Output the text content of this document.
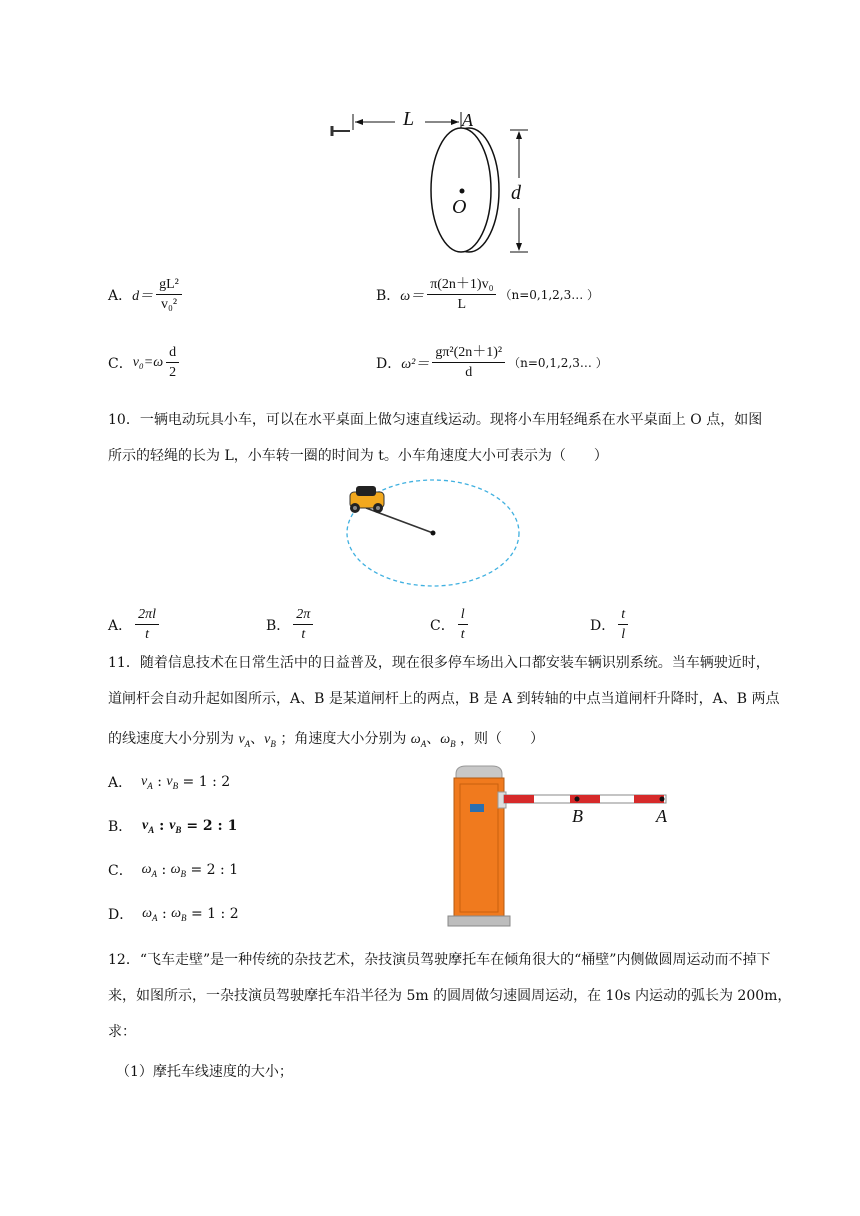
L	A
O
d
A． $d= \frac{\text{gL²}}{\text{v₀²}}$	B． $\omega= \frac{\text{π(2n＋1)v₀}}{L}$ （n=0,1,2,3… ）
C． $v_0=\omega \frac{d}{2}$	D． $\omega^2= \frac{\text{gπ²(2n＋1)²}}{d}$ （n=0,1,2,3… ）
10．一辆电动玩具小车，可以在水平桌面上做匀速直线运动。现将小车用轻绳系在水平桌面上 O 点，如图
所示的轻绳的长为 L，小车转一圈的时间为 t。小车角速度大小可表示为（　　）
A． $\frac{2\pi l}{t}$	B． $\frac{2\pi}{t}$	C． $\frac{l}{t}$	D． $\frac{t}{l}$
11．随着信息技术在日常生活中的日益普及，现在很多停车场出入口都安装车辆识别系统。当车辆驶近时，
道闸杆会自动升起如图所示，A、B 是某道闸杆上的两点，B 是 A 到转轴的中点当道闸杆升降时，A、B 两点
的线速度大小分别为 $v_A$、$v_B$ ；角速度大小分别为 $\omega_A$、$\omega_B$ ，则（　　）
A．
$v_A$ : $v_B = 1$ : 2
B．
$v_A$ : $v_B$
= 2 : 1
C．
$\omega_A$ : $\omega_B$
= 2 : 1
D．
$\omega_A$ : $\omega_B$
= 1 : 2
B	A
12．“飞车走壁”是一种传统的杂技艺术，杂技演员驾驶摩托车在倾角很大的“桶壁”内侧做圆周运动而不掉下
来，如图所示，一杂技演员驾驶摩托车沿半径为 5m 的圆周做匀速圆周运动，在 10s 内运动的弧长为 200m，
求：
（1）摩托车线速度的大小；
